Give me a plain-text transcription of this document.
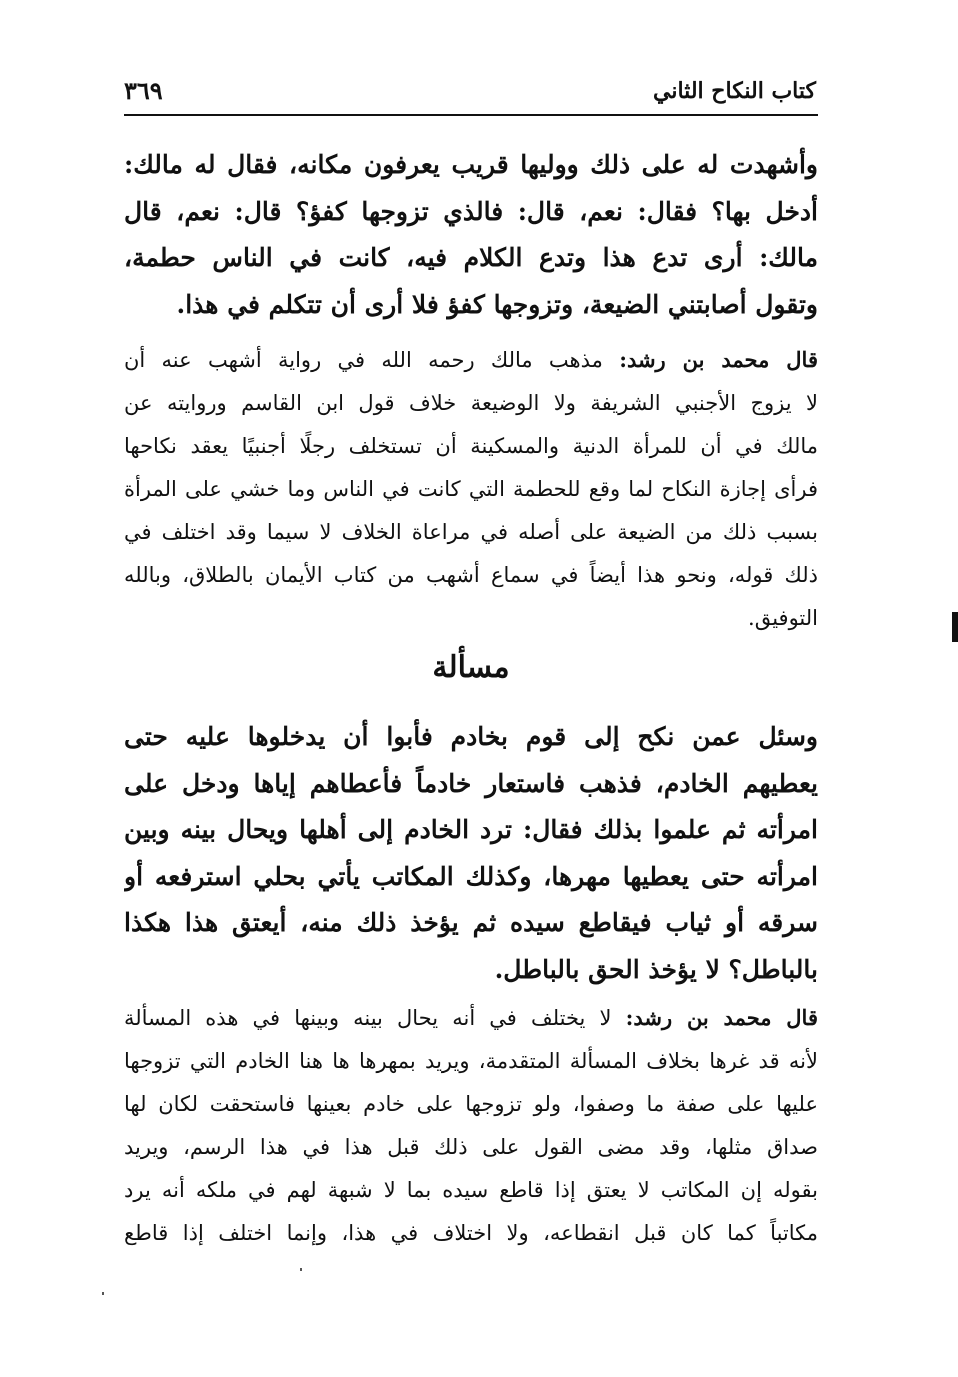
كتاب النكاح الثاني
٣٦٩
وأشهدت له على ذلك ووليها قريب يعرفون مكانه، فقال له مالك:
أدخل بها؟ فقال: نعم، قال: فالذي تزوجها كفؤ؟ قال: نعم، قال
مالك: أرى تدع هذا وتدع الكلام فيه، كانت في الناس حطمة،
وتقول أصابتني الضيعة، وتزوجها كفؤ فلا أرى أن تتكلم في هذا.
قال محمد بن رشد: مذهب مالك رحمه الله في رواية أشهب عنه أن
لا يزوج الأجنبي الشريفة ولا الوضيعة خلاف قول ابن القاسم وروايته عن
مالك في أن للمرأة الدنية والمسكينة أن تستخلف رجلًا أجنبيًا يعقد نكاحها
فرأى إجازة النكاح لما وقع للحطمة التي كانت في الناس وما خشي على المرأة
بسبب ذلك من الضيعة على أصله في مراعاة الخلاف لا سيما وقد اختلف في
ذلك قوله، ونحو هذا أيضاً في سماع أشهب من كتاب الأيمان بالطلاق، وبالله
التوفيق.
مسألة
وسئل عمن نكح إلى قوم بخادم فأبوا أن يدخلوها عليه حتى
يعطيهم الخادم، فذهب فاستعار خادماً فأعطاهم إياها ودخل على
امرأته ثم علموا بذلك فقال: ترد الخادم إلى أهلها ويحال بينه وبين
امرأته حتى يعطيها مهرها، وكذلك المكاتب يأتي بحلي استرفعه أو
سرقه أو ثياب فيقاطع سيده ثم يؤخذ ذلك منه، أيعتق هذا هكذا
بالباطل؟ لا يؤخذ الحق بالباطل.
قال محمد بن رشد: لا يختلف في أنه يحال بينه وبينها في هذه المسألة
لأنه قد غرها بخلاف المسألة المتقدمة، ويريد بمهرها ها هنا الخادم التي تزوجها
عليها على صفة ما وصفوا، ولو تزوجها على خادم بعينها فاستحقت لكان لها
صداق مثلها، وقد مضى القول على ذلك قبل هذا في هذا الرسم، ويريد
بقوله إن المكاتب لا يعتق إذا قاطع سيده بما لا شبهة لهم في ملكه أنه يرد
مكاتباً كما كان قبل انقطاعه، ولا اختلاف في هذا، وإنما اختلف إذا قاطع
